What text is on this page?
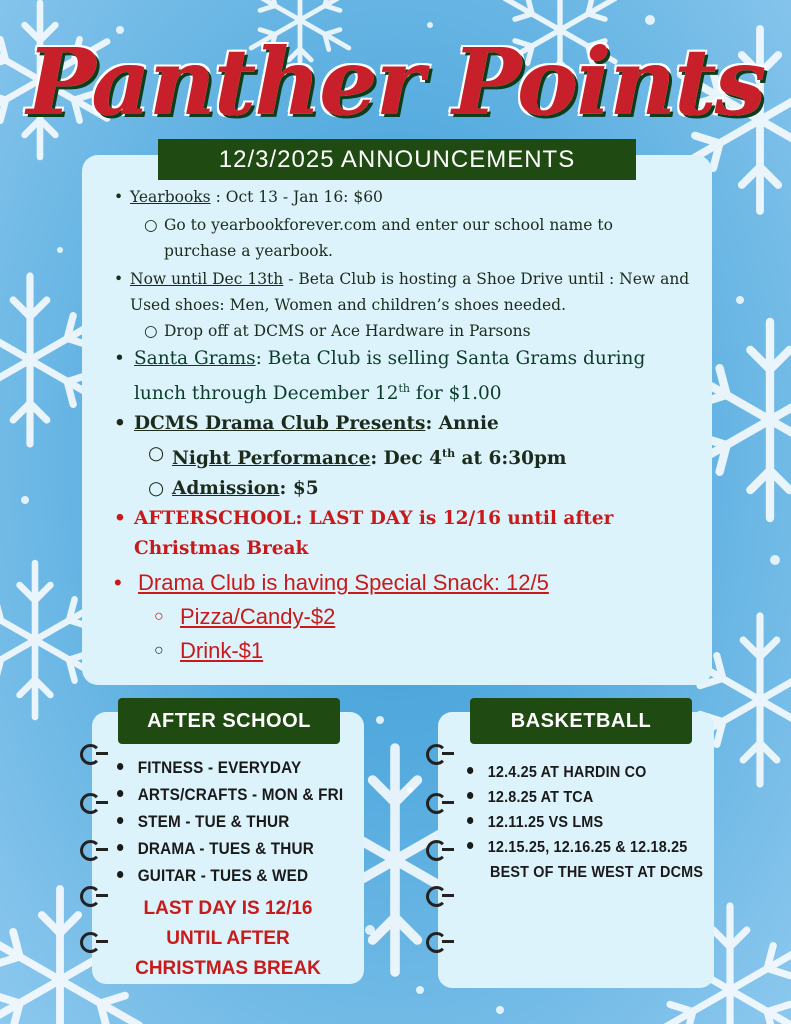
Panther Points
12/3/2025 ANNOUNCEMENTS
• Yearbooks : Oct 13 - Jan 16: $60
○ Go to yearbookforever.com and enter our school name to purchase a yearbook.
• Now until Dec 13th - Beta Club is hosting a Shoe Drive until : New and Used shoes: Men, Women and children’s shoes needed.
○ Drop off at DCMS or Ace Hardware in Parsons
• Santa Grams: Beta Club is selling Santa Grams during lunch through December 12th for $1.00
• DCMS Drama Club Presents: Annie
○ Night Performance: Dec 4th at 6:30pm
○ Admission: $5
• AFTERSCHOOL: LAST DAY is 12/16 until after Christmas Break
• Drama Club is having Special Snack: 12/5
○ Pizza/Candy-$2
○ Drink-$1
AFTER SCHOOL
FITNESS - EVERYDAY
ARTS/CRAFTS - MON & FRI
STEM - TUE & THUR
DRAMA - TUES & THUR
GUITAR - TUES & WED
LAST DAY IS 12/16
UNTIL AFTER
CHRISTMAS BREAK
BASKETBALL
12.4.25 AT HARDIN CO
12.8.25 AT TCA
12.11.25 VS LMS
12.15.25, 12.16.25 & 12.18.25
BEST OF THE WEST AT DCMS
